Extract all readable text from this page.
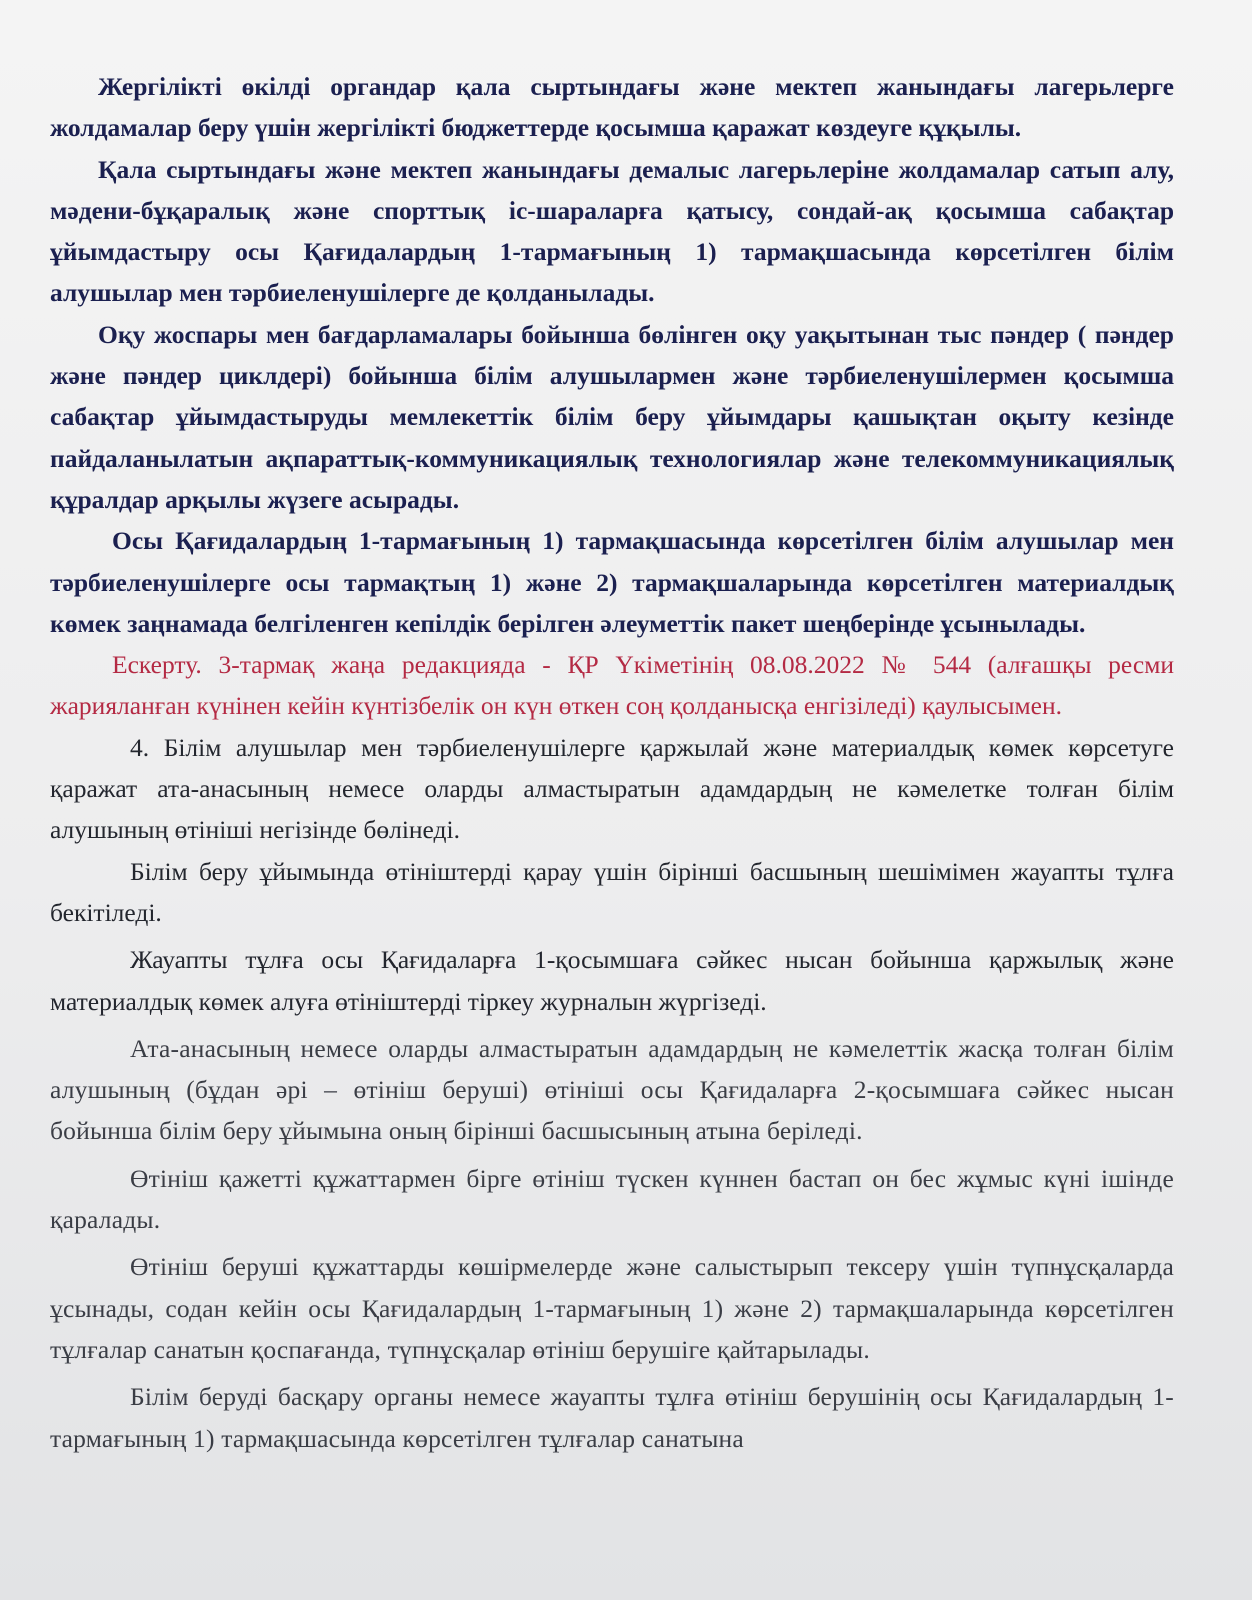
Жергілікті өкілді органдар қала сыртындағы және мектеп жанындағы лагерьлерге жолдамалар беру үшін жергілікті бюджеттерде қосымша қаражат көздеуге құқылы.

Қала сыртындағы және мектеп жанындағы демалыс лагерьлеріне жолдамалар сатып алу, мәдени-бұқаралық және спорттық іс-шараларға қатысу, сондай-ақ қосымша сабақтар ұйымдастыру осы Қағидалардың 1-тармағының 1) тармақшасында көрсетілген білім алушылар мен тәрбиеленушілерге де қолданылады.

Оқу жоспары мен бағдарламалары бойынша бөлінген оқу уақытынан тыс пәндер ( пәндер және пәндер циклдері) бойынша білім алушылармен және тәрбиеленушілермен қосымша сабақтар ұйымдастыруды мемлекеттік білім беру ұйымдары қашықтан оқыту кезінде пайдаланылатын ақпараттық-коммуникациялық технологиялар және телекоммуникациялық құралдар арқылы жүзеге асырады.

Осы Қағидалардың 1-тармағының 1) тармақшасында көрсетілген білім алушылар мен тәрбиеленушілерге осы тармақтың 1) және 2) тармақшаларында көрсетілген материалдық көмек заңнамада белгіленген кепілдік берілген әлеуметтік пакет шеңберінде ұсынылады.

Ескерту. 3-тармақ жаңа редакцияда - ҚР Үкіметінің 08.08.2022 № 544 (алғашқы ресми жарияланған күнінен кейін күнтізбелік он күн өткен соң қолданысқа енгізіледі) қаулысымен.

4. Білім алушылар мен тәрбиеленушілерге қаржылай және материалдық көмек көрсетуге қаражат ата-анасының немесе оларды алмастыратын адамдардың не кәмелетке толған білім алушының өтініші негізінде бөлінеді.

Білім беру ұйымында өтініштерді қарау үшін бірінші басшының шешімімен жауапты тұлға бекітіледі.

Жауапты тұлға осы Қағидаларға 1-қосымшаға сәйкес нысан бойынша қаржылық және материалдық көмек алуға өтініштерді тіркеу журналын жүргізеді.

Ата-анасының немесе оларды алмастыратын адамдардың не кәмелеттік жасқа толған білім алушының (бұдан әрі – өтініш беруші) өтініші осы Қағидаларға 2-қосымшаға сәйкес нысан бойынша білім беру ұйымына оның бірінші басшысының атына беріледі.

Өтініш қажетті құжаттармен бірге өтініш түскен күннен бастап он бес жұмыс күні ішінде қаралады.

Өтініш беруші құжаттарды көшірмелерде және салыстырып тексеру үшін түпнұсқаларда ұсынады, содан кейін осы Қағидалардың 1-тармағының 1) және 2) тармақшаларында көрсетілген тұлғалар санатын қоспағанда, түпнұсқалар өтініш берушіге қайтарылады.

Білім беруді басқару органы немесе жауапты тұлға өтініш берушінің осы Қағидалардың 1-тармағының 1) тармақшасында көрсетілген тұлғалар санатына
